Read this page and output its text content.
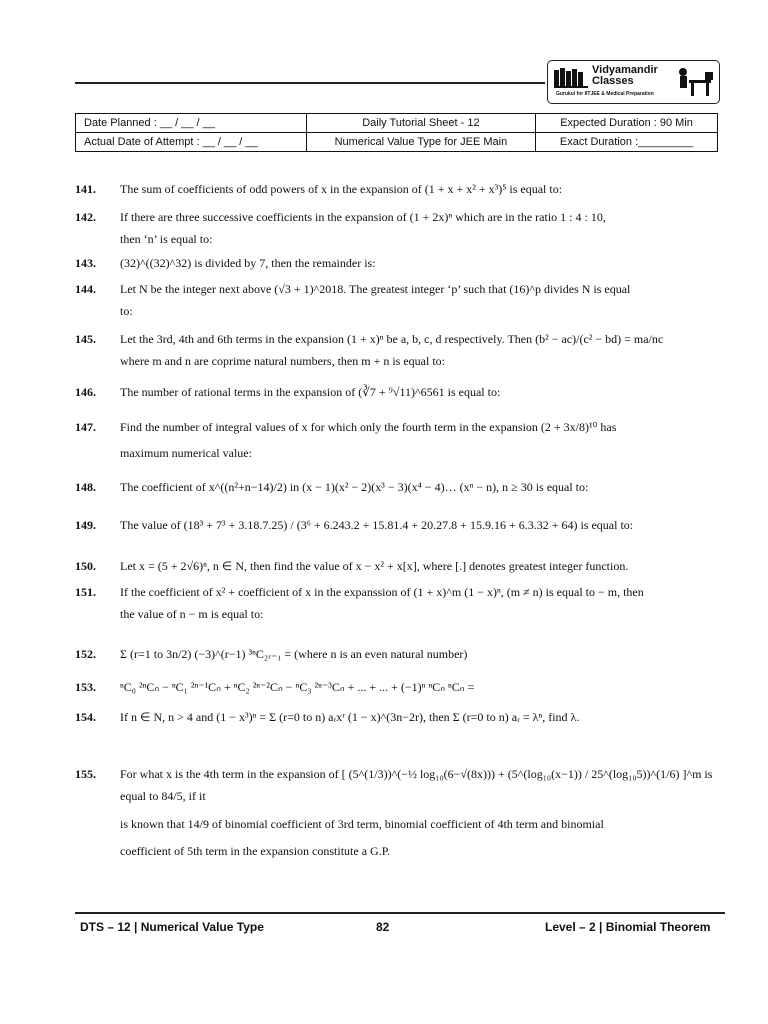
Vidyamandir
Classes
Gurukul for IITJEE & Medical Preparation
Date Planned : __ / __ / __	Daily Tutorial Sheet - 12	Expected Duration : 90 Min
Actual Date of Attempt : __ / __ / __	Numerical Value Type for JEE Main	Exact Duration :_________
141.	The sum of coefficients of odd powers of x in the expansion of (1 + x + x² + x³)⁵ is equal to:
142.	If there are three successive coefficients in the expansion of (1 + 2x)ⁿ which are in the ratio 1 : 4 : 10,
then ‘n’ is equal to:
143.	(32)^((32)^32) is divided by 7, then the remainder is:
144.	Let N be the integer next above (√3 + 1)^2018. The greatest integer ‘p’ such that (16)^p divides N is equal
to:
145.	Let the 3rd, 4th and 6th terms in the expansion (1 + x)ⁿ be a, b, c, d respectively. Then (b² − ac)/(c² − bd) = ma/nc
where m and n are coprime natural numbers, then m + n is equal to:
146.	The number of rational terms in the expansion of (∛7 + ⁹√11)^6561 is equal to:
147.	Find the number of integral values of x for which only the fourth term in the expansion (2 + 3x/8)¹⁰ has
maximum numerical value:
148.	The coefficient of x^((n²+n−14)/2) in (x − 1)(x² − 2)(x³ − 3)(x⁴ − 4)… (xⁿ − n), n ≥ 30 is equal to:
149.	The value of (18³ + 7³ + 3.18.7.25) / (3⁶ + 6.243.2 + 15.81.4 + 20.27.8 + 15.9.16 + 6.3.32 + 64) is equal to:
150.	Let x = (5 + 2√6)ⁿ, n ∈ N, then find the value of x − x² + x[x], where [.] denotes greatest integer function.
151.	If the coefficient of x² + coefficient of x in the expanssion of (1 + x)^m (1 − x)ⁿ, (m ≠ n) is equal to − m, then
the value of n − m is equal to:
152.	Σ (r=1 to 3n/2) (−3)^(r−1) ³ⁿC₂ᵣ₋₁ = (where n is an even natural number)
153.	ⁿC₀ ²ⁿCₙ − ⁿC₁ ²ⁿ⁻¹Cₙ + ⁿC₂ ²ⁿ⁻²Cₙ − ⁿC₃ ²ⁿ⁻³Cₙ + ... + ... + (−1)ⁿ ⁿCₙ ⁿCₙ =
154.	If n ∈ N, n > 4 and (1 − x³)ⁿ = Σ (r=0 to n) aᵣxʳ (1 − x)^(3n−2r), then Σ (r=0 to n) aᵣ = λⁿ, find λ.
155.	For what x is the 4th term in the expansion of [ (5^(1/3))^(−½ log₁₀(6−√(8x))) + (5^(log₁₀(x−1)) / 25^(log₁₀5))^(1/6) ]^m is equal to 84/5, if it
is known that 14/9 of binomial coefficient of 3rd term, binomial coefficient of 4th term and binomial
coefficient of 5th term in the expansion constitute a G.P.
DTS – 12 | Numerical Value Type	82	Level – 2 | Binomial Theorem
